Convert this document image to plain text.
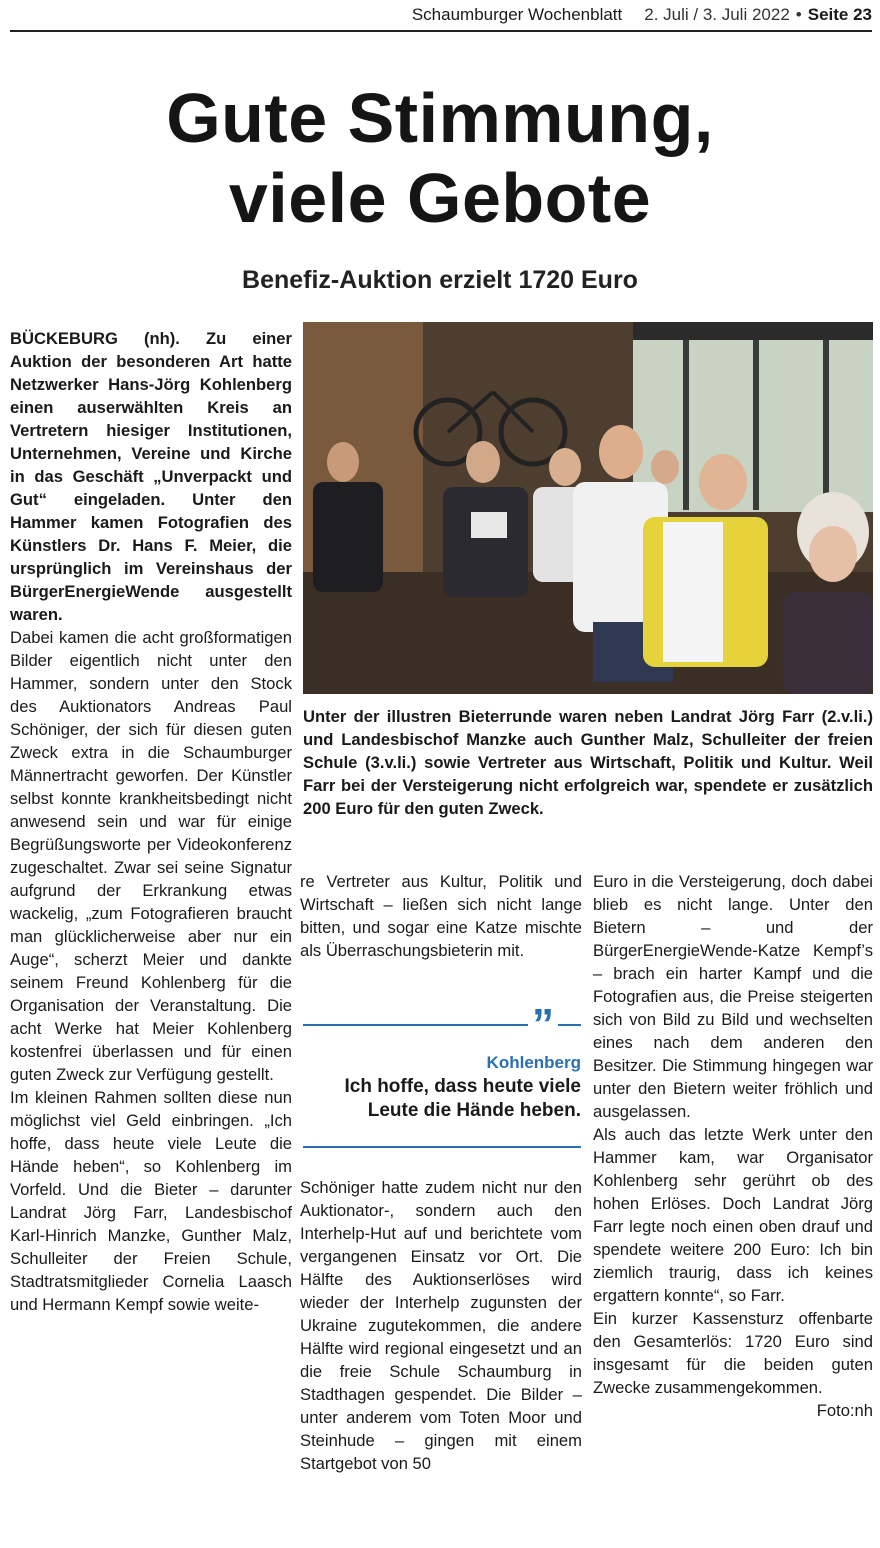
Schaumburger Wochenblatt 2. Juli / 3. Juli 2022 • Seite 23
Gute Stimmung,
viele Gebote
Benefiz-Auktion erzielt 1720 Euro

BÜCKEBURG (nh). Zu einer Auktion der besonderen Art hatte Netzwerker Hans-Jörg Kohlenberg einen auserwählten Kreis an Vertretern hiesiger Institutionen, Unternehmen, Vereine und Kirche in das Geschäft „Unverpackt und Gut“ eingeladen. Unter den Hammer kamen Fotografien des Künstlers Dr. Hans F. Meier, die ursprünglich im Vereinshaus der BürgerEnergieWende ausgestellt waren.

Dabei kamen die acht großformatigen Bilder eigentlich nicht unter den Hammer, sondern unter den Stock des Auktionators Andreas Paul Schöniger, der sich für diesen guten Zweck extra in die Schaumburger Männertracht geworfen. Der Künstler selbst konnte krankheitsbedingt nicht anwesend sein und war für einige Begrüßungsworte per Videokonferenz zugeschaltet. Zwar sei seine Signatur aufgrund der Erkrankung etwas wackelig, „zum Fotografieren braucht man glücklicherweise aber nur ein Auge“, scherzt Meier und dankte seinem Freund Kohlenberg für die Organisation der Veranstaltung. Die acht Werke hat Meier Kohlenberg kostenfrei überlassen und für einen guten Zweck zur Verfügung gestellt.

Im kleinen Rahmen sollten diese nun möglichst viel Geld einbringen. „Ich hoffe, dass heute viele Leute die Hände heben“, so Kohlenberg im Vorfeld. Und die Bieter – darunter Landrat Jörg Farr, Landesbischof Karl-Hinrich Manzke, Gunther Malz, Schulleiter der Freien Schule, Stadtratsmitglieder Cornelia Laasch und Hermann Kempf sowie weite-

Unter der illustren Bieterrunde waren neben Landrat Jörg Farr (2.v.li.) und Landesbischof Manzke auch Gunther Malz, Schulleiter der freien Schule (3.v.li.) sowie Vertreter aus Wirtschaft, Politik und Kultur. Weil Farr bei der Versteigerung nicht erfolgreich war, spendete er zusätzlich 200 Euro für den guten Zweck.

re Vertreter aus Kultur, Politik und Wirtschaft – ließen sich nicht lange bitten, und sogar eine Katze mischte als Überraschungsbieterin mit.

”
Kohlenberg
Ich hoffe, dass heute viele Leute die Hände heben.

Schöniger hatte zudem nicht nur den Auktionator-, sondern auch den Interhelp-Hut auf und berichtete vom vergangenen Einsatz vor Ort. Die Hälfte des Auktionserlöses wird wieder der Interhelp zugunsten der Ukraine zugutekommen, die andere Hälfte wird regional eingesetzt und an die freie Schule Schaumburg in Stadthagen gespendet. Die Bilder – unter anderem vom Toten Moor und Steinhude – gingen mit einem Startgebot von 50

Euro in die Versteigerung, doch dabei blieb es nicht lange. Unter den Bietern – und der BürgerEnergieWende-Katze Kempf’s – brach ein harter Kampf und die Fotografien aus, die Preise steigerten sich von Bild zu Bild und wechselten eines nach dem anderen den Besitzer. Die Stimmung hingegen war unter den Bietern weiter fröhlich und ausgelassen.

Als auch das letzte Werk unter den Hammer kam, war Organisator Kohlenberg sehr gerührt ob des hohen Erlöses. Doch Landrat Jörg Farr legte noch einen oben drauf und spendete weitere 200 Euro: Ich bin ziemlich traurig, dass ich keines ergattern konnte“, so Farr.

Ein kurzer Kassensturz offenbarte den Gesamterlös: 1720 Euro sind insgesamt für die beiden guten Zwecke zusammengekommen.
Foto:nh
